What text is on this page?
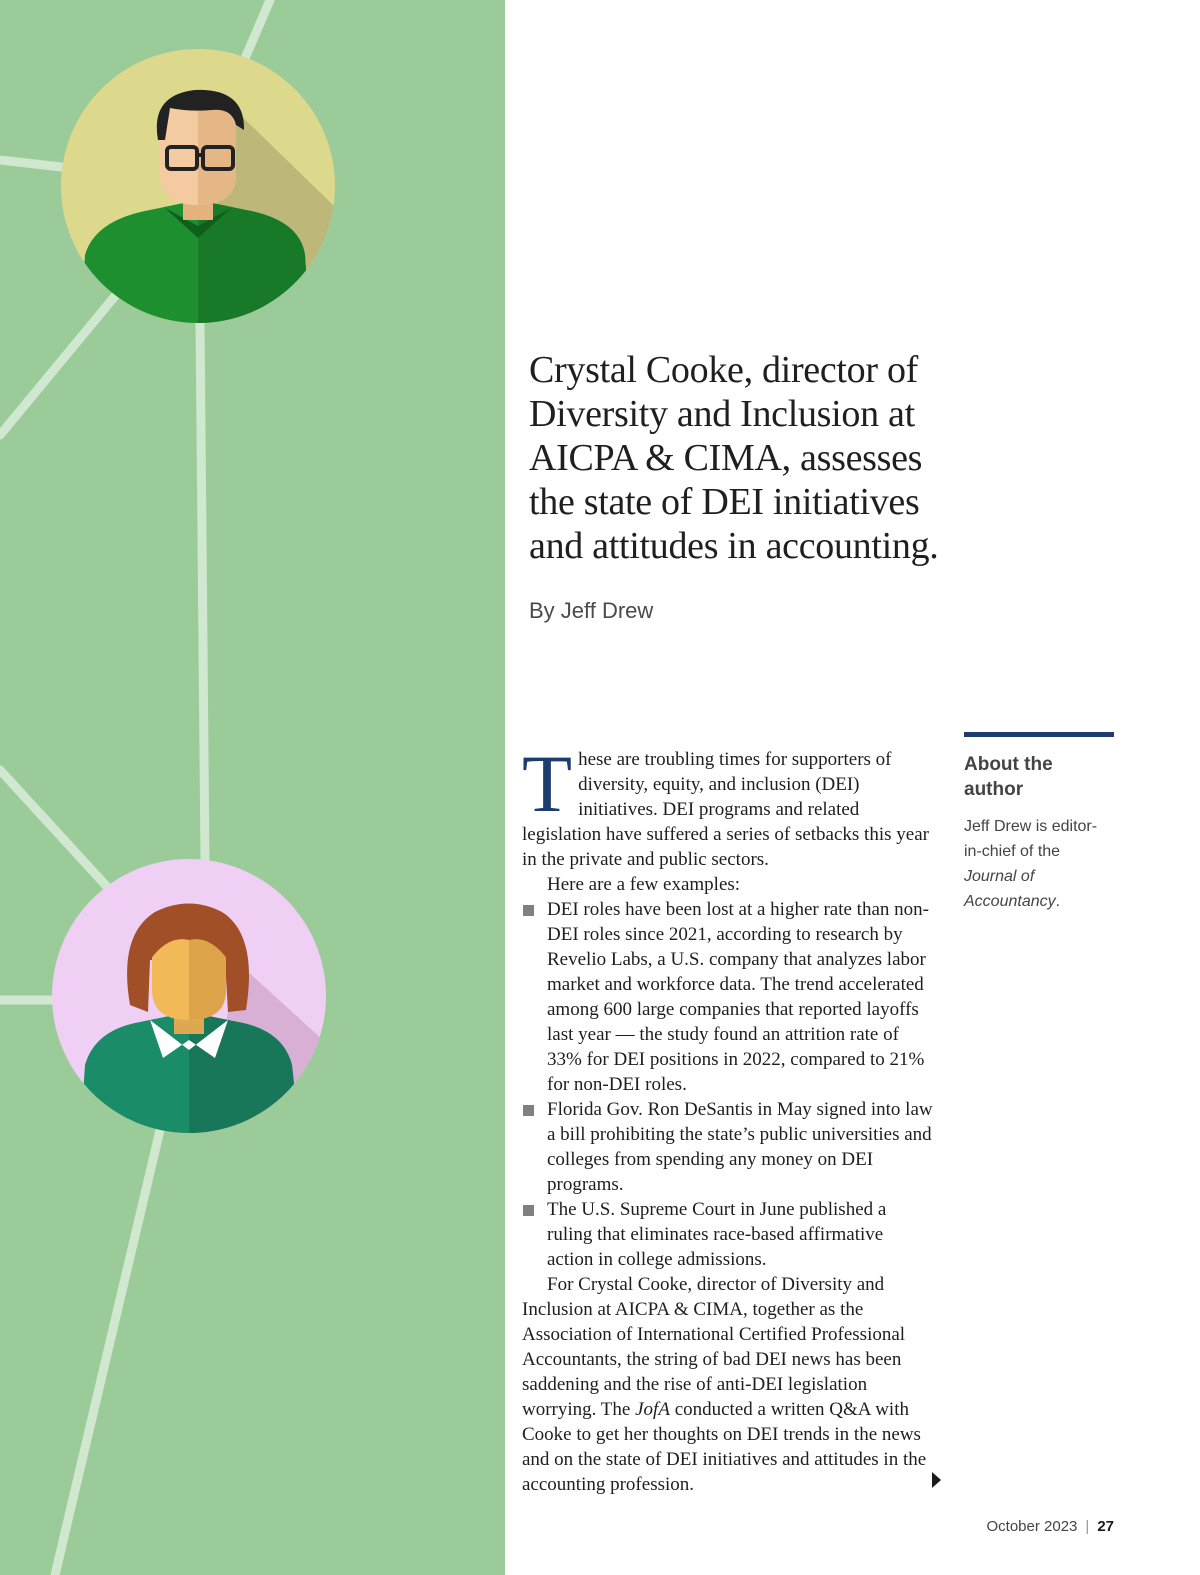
Crystal Cooke, director of Diversity and Inclusion at AICPA & CIMA, assesses the state of DEI initiatives and attitudes in accounting.
By Jeff Drew

These are troubling times for supporters of diversity, equity, and inclusion (DEI) initiatives. DEI programs and related legislation have suffered a series of setbacks this year in the private and public sectors.

Here are a few examples:

DEI roles have been lost at a higher rate than non-DEI roles since 2021, according to research by Revelio Labs, a U.S. company that analyzes labor market and workforce data. The trend accelerated among 600 large companies that reported layoffs last year — the study found an attrition rate of 33% for DEI positions in 2022, compared to 21% for non-DEI roles.
Florida Gov. Ron DeSantis in May signed into law a bill prohibiting the state’s public universities and colleges from spending any money on DEI programs.
The U.S. Supreme Court in June published a ruling that eliminates race-based affirmative action in college admissions.

For Crystal Cooke, director of Diversity and Inclusion at AICPA & CIMA, together as the Association of International Certified Professional Accountants, the string of bad DEI news has been saddening and the rise of anti-DEI legislation worrying. The JofA conducted a written Q&A with Cooke to get her thoughts on DEI trends in the news and on the state of DEI initiatives and attitudes in the accounting profession.

About the author
Jeff Drew is editor-in-chief of the Journal of Accountancy.
October 2023 | 27
